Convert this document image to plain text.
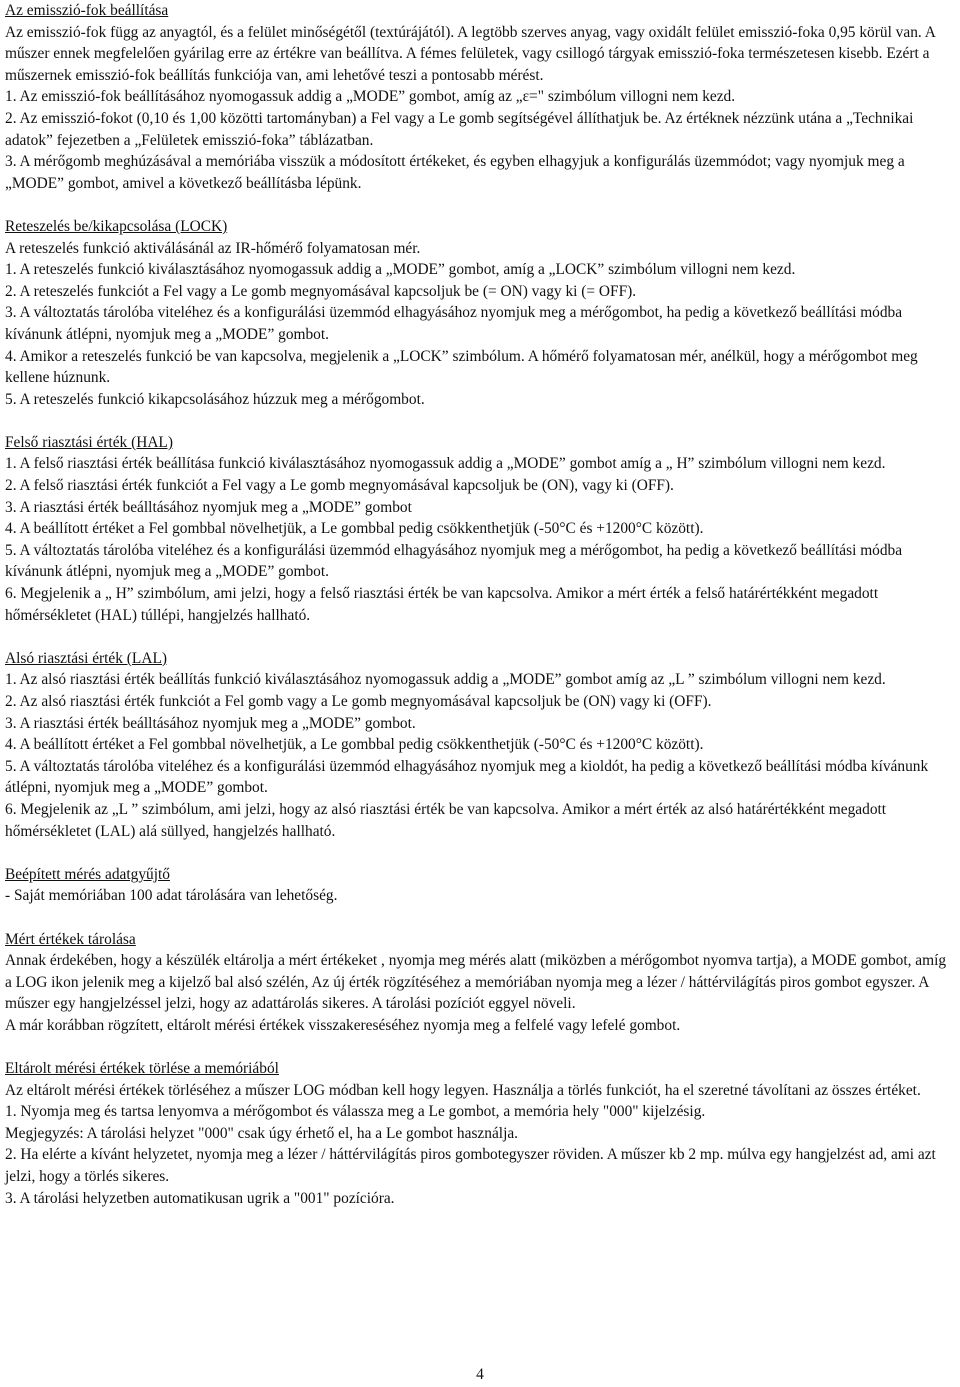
Az emisszió-fok beállítása

Az emisszió-fok függ az anyagtól, és a felület minőségétől (textúrájától). A legtöbb szerves anyag, vagy oxidált felület emisszió-foka 0,95 körül van. A műszer ennek megfelelően gyárilag erre az értékre van beállítva. A fémes felületek, vagy csillogó tárgyak emisszió-foka természetesen kisebb. Ezért a műszernek emisszió-fok beállítás funkciója van, ami lehetővé teszi a pontosabb mérést.

1. Az emisszió-fok beállításához nyomogassuk addig a „MODE” gombot, amíg az „ε=" szimbólum villogni nem kezd.

2. Az emisszió-fokot (0,10 és 1,00 közötti tartományban) a Fel vagy a Le gomb segítségével állíthatjuk be. Az értéknek nézzünk utána a „Technikai adatok” fejezetben a „Felületek emisszió-foka” táblázatban.

3. A mérőgomb meghúzásával a memóriába visszük a módosított értékeket, és egyben elhagyjuk a konfigurálás üzemmódot; vagy nyomjuk meg a „MODE” gombot, amivel a következő beállításba lépünk.

Reteszelés be/kikapcsolása (LOCK)

A reteszelés funkció aktiválásánál az IR-hőmérő folyamatosan mér.

1. A reteszelés funkció kiválasztásához nyomogassuk addig a „MODE” gombot, amíg a „LOCK” szimbólum villogni nem kezd.

2. A reteszelés funkciót a Fel vagy a Le gomb megnyomásával kapcsoljuk be (= ON) vagy ki (= OFF).

3. A változtatás tárolóba viteléhez és a konfigurálási üzemmód elhagyásához nyomjuk meg a mérőgombot, ha pedig a következő beállítási módba kívánunk átlépni, nyomjuk meg a „MODE” gombot.

4. Amikor a reteszelés funkció be van kapcsolva, megjelenik a „LOCK” szimbólum. A hőmérő folyamatosan mér, anélkül, hogy a mérőgombot meg kellene húznunk.

5. A reteszelés funkció kikapcsolásához húzzuk meg a mérőgombot.

Felső riasztási érték (HAL)

1. A felső riasztási érték beállítása funkció kiválasztásához nyomogassuk addig a „MODE” gombot amíg a „ H” szimbólum villogni nem kezd.

2. A felső riasztási érték funkciót a Fel vagy a Le gomb megnyomásával kapcsoljuk be (ON), vagy ki (OFF).

3. A riasztási érték beálltásához nyomjuk meg a „MODE” gombot

4. A beállított értéket a Fel gombbal növelhetjük, a Le gombbal pedig csökkenthetjük (-50°C és +1200°C között).

5. A változtatás tárolóba viteléhez és a konfigurálási üzemmód elhagyásához nyomjuk meg a mérőgombot, ha pedig a következő beállítási módba kívánunk átlépni, nyomjuk meg a „MODE” gombot.

6. Megjelenik a „ H” szimbólum, ami jelzi, hogy a felső riasztási érték be van kapcsolva. Amikor a mért érték a felső határértékként megadott hőmérsékletet (HAL) túllépi, hangjelzés hallható.

Alsó riasztási érték (LAL)

1. Az alsó riasztási érték beállítás funkció kiválasztásához nyomogassuk addig a „MODE” gombot amíg az „L ” szimbólum villogni nem kezd.

2. Az alsó riasztási érték funkciót a Fel gomb vagy a Le gomb megnyomásával kapcsoljuk be (ON) vagy ki (OFF).

3. A riasztási érték beálltásához nyomjuk meg a „MODE” gombot.

4. A beállított értéket a Fel gombbal növelhetjük, a Le gombbal pedig csökkenthetjük (-50°C és +1200°C között).

5. A változtatás tárolóba viteléhez és a konfigurálási üzemmód elhagyásához nyomjuk meg a kioldót, ha pedig a következő beállítási módba kívánunk átlépni, nyomjuk meg a „MODE” gombot.

6. Megjelenik az „L ” szimbólum, ami jelzi, hogy az alsó riasztási érték be van kapcsolva. Amikor a mért érték az alsó határértékként megadott hőmérsékletet (LAL) alá süllyed, hangjelzés hallható.

Beépített mérés adatgyűjtő

- Saját memóriában 100 adat tárolására van lehetőség.

Mért értékek tárolása

Annak érdekében, hogy a készülék eltárolja a mért értékeket , nyomja meg mérés alatt (miközben a mérőgombot nyomva tartja), a MODE gombot, amíg a LOG ikon jelenik meg a kijelző bal alsó szélén, Az új érték rögzítéséhez a memóriában nyomja meg a lézer / háttérvilágítás piros gombot egyszer. A műszer egy hangjelzéssel jelzi, hogy az adattárolás sikeres. A tárolási pozíciót eggyel növeli.

A már korábban rögzített, eltárolt mérési értékek visszakereséséhez nyomja meg a felfelé vagy lefelé gombot.

Eltárolt mérési értékek törlése a memóriából

Az eltárolt mérési értékek törléséhez a műszer LOG módban kell hogy legyen. Használja a törlés funkciót, ha el szeretné távolítani az összes értéket.

1. Nyomja meg és tartsa lenyomva a mérőgombot és válassza meg a Le gombot, a memória hely "000" kijelzésig.

Megjegyzés: A tárolási helyzet "000" csak úgy érhető el, ha a Le gombot használja.

2. Ha elérte a kívánt helyzetet, nyomja meg a lézer / háttérvilágítás piros gombotegyszer röviden. A műszer kb 2 mp. múlva egy hangjelzést ad, ami azt jelzi, hogy a törlés sikeres.

3. A tárolási helyzetben automatikusan ugrik a "001" pozícióra.

4
